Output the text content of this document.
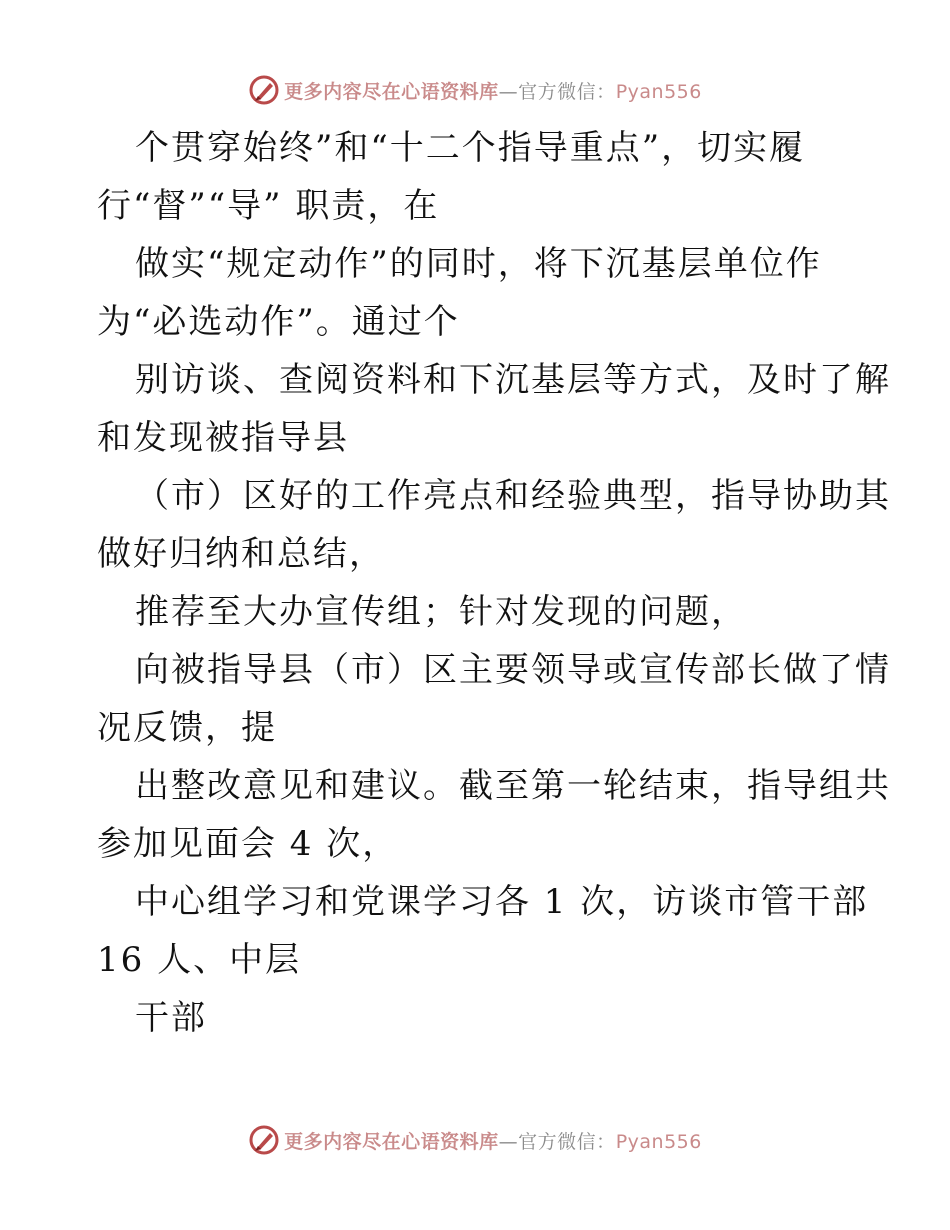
更多内容尽在心语资料库—官方微信：Pyan556
个贯穿始终”和“十二个指导重点”，切实履
行“督”“导” 职责，在
做实“规定动作”的同时，将下沉基层单位作
为“必选动作”。通过个
别访谈、查阅资料和下沉基层等方式，及时了解
和发现被指导县
（市）区好的工作亮点和经验典型，指导协助其
做好归纳和总结，
推荐至大办宣传组；针对发现的问题，
向被指导县（市）区主要领导或宣传部长做了情
况反馈，提
出整改意见和建议。截至第一轮结束，指导组共
参加见面会 4 次，
中心组学习和党课学习各 1 次，访谈市管干部
16 人、中层
干部
更多内容尽在心语资料库—官方微信：Pyan556
